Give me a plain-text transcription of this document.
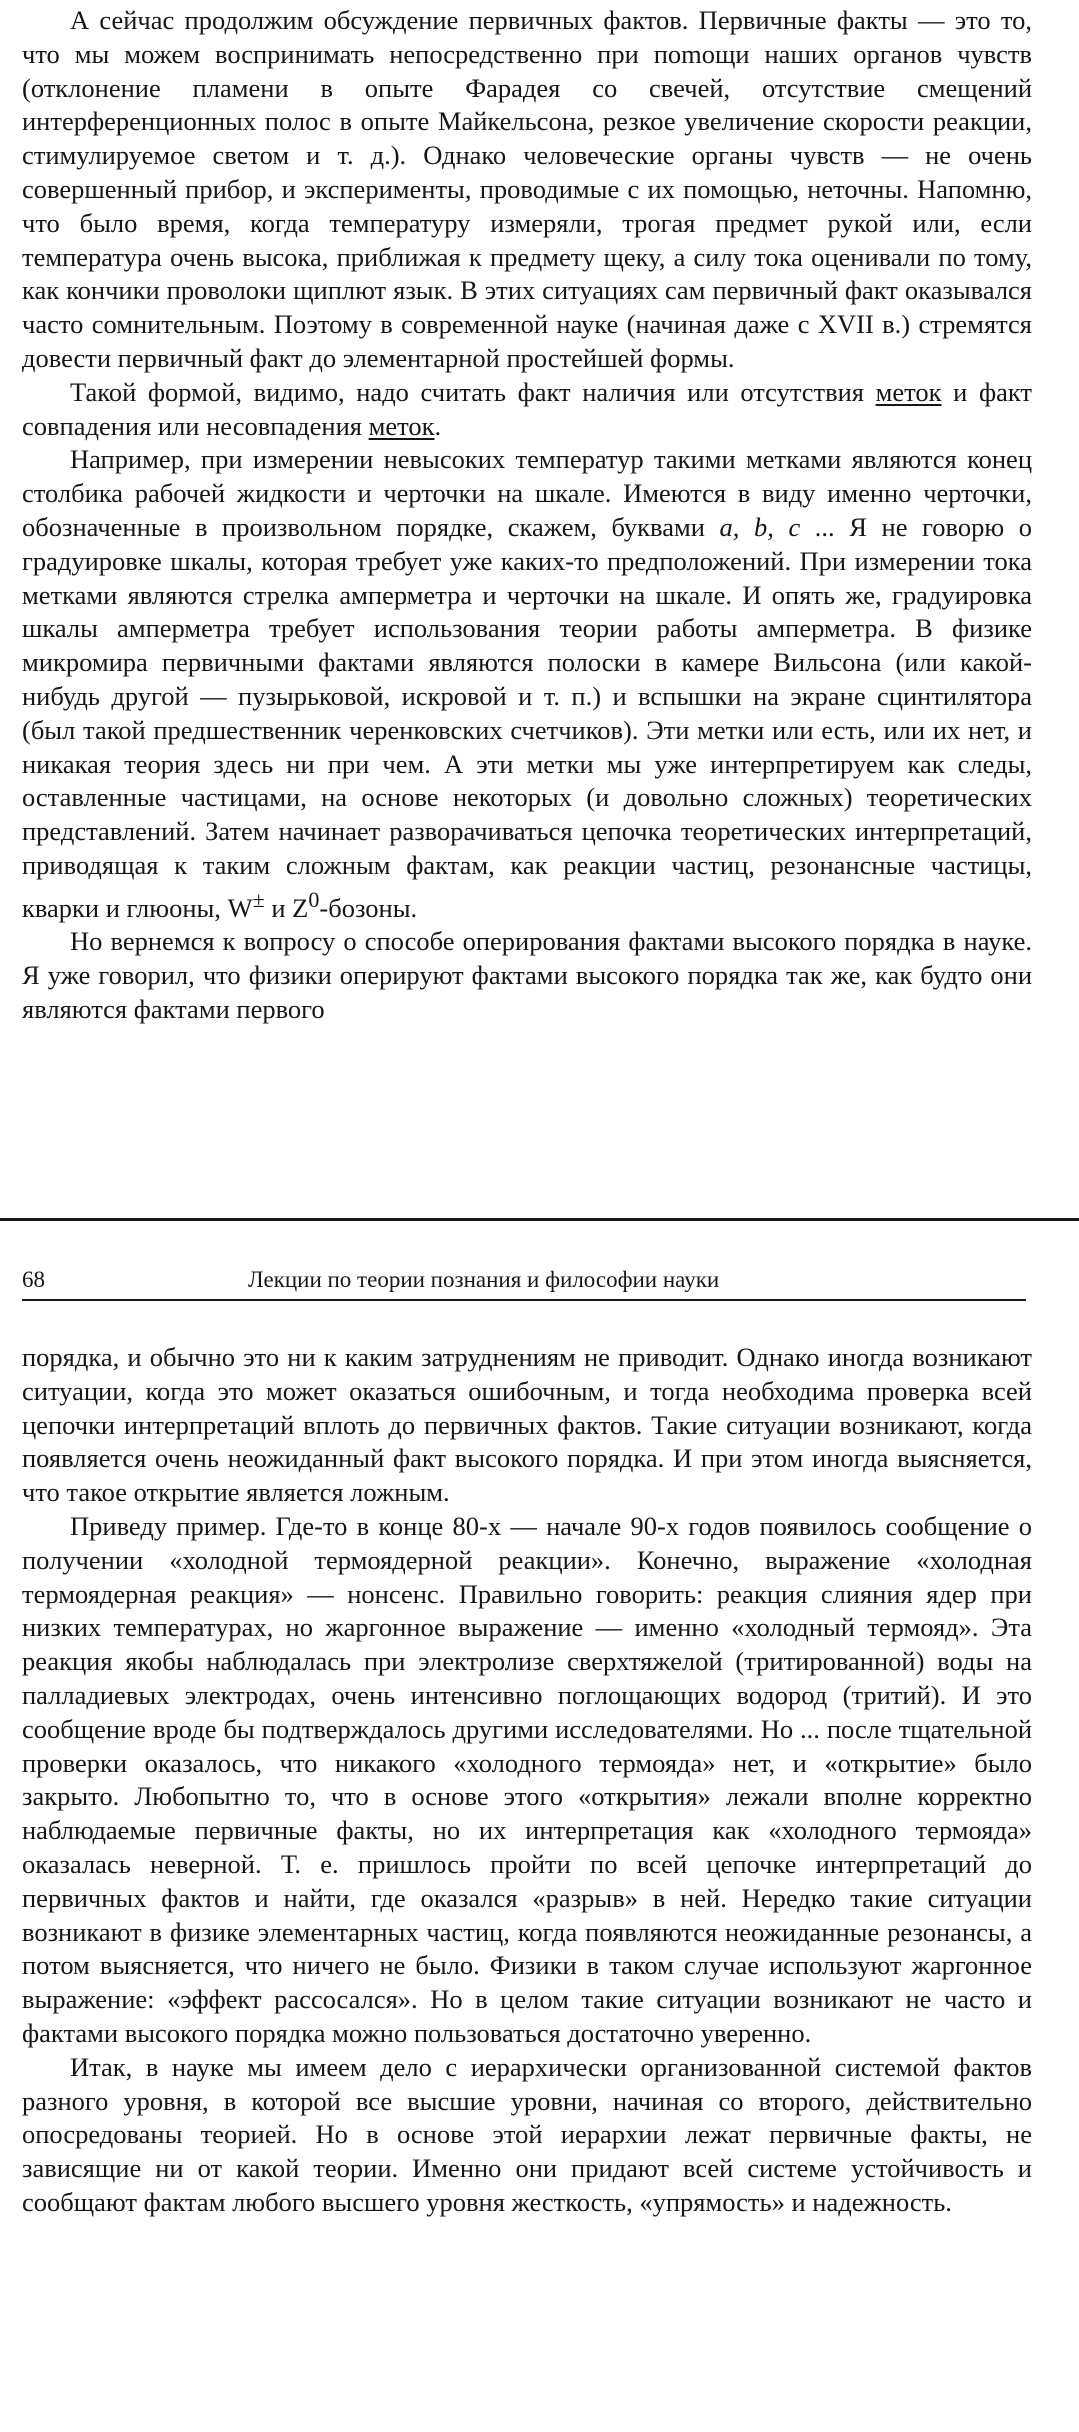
А сейчас продолжим обсуждение первичных фактов. Первичные факты — это то, что мы можем воспринимать непосредственно при поmощи наших органов чувств (отклонение пламени в опыте Фарадея со свечей, отсутствие смещений интерференционных полос в опыте Майкельсона, резкое увеличение скорости реакции, стимулируемое светом и т. д.). Однако человеческие органы чувств — не очень совершенный прибор, и эксперименты, проводимые с их помощью, неточны. Напомню, что было время, когда температуру измеряли, трогая предмет рукой или, если температура очень высока, приближая к предмету щеку, а силу тока оценивали по тому, как кончики проволоки щиплют язык. В этих ситуациях сам первичный факт оказывался часто сомнительным. Поэтому в современной науке (начиная даже с XVII в.) стремятся довести первичный факт до элементарной простейшей формы.

Такой формой, видимо, надо считать факт наличия или отсутствия меток и факт совпадения или несовпадения меток.

Например, при измерении невысоких температур такими метками являются конец столбика рабочей жидкости и черточки на шкале. Имеются в виду именно черточки, обозначенные в произвольном порядке, скажем, буквами a, b, c ... Я не говорю о градуировке шкалы, которая требует уже каких-то предположений. При измерении тока метками являются стрелка амперметра и черточки на шкале. И опять же, градуировка шкалы амперметра требует использования теории работы амперметра. В физике микромира первичными фактами являются полоски в камере Вильсона (или какой-нибудь другой — пузырьковой, искровой и т. п.) и вспышки на экране сцинтилятора (был такой предшественник черенковских счетчиков). Эти метки или есть, или их нет, и никакая теория здесь ни при чем. А эти метки мы уже интерпретируем как следы, оставленные частицами, на основе некоторых (и довольно сложных) теоретических представлений. Затем начинает разворачиваться цепочка теоретических интерпретаций, приводящая к таким сложным фактам, как реакции частиц, резонансные частицы, кварки и глюоны, W± и $Z^0$-бозоны.

Но вернемся к вопросу о способе оперирования фактами высокого порядка в науке. Я уже говорил, что физики оперируют фактами высокого порядка так же, как будто они являются фактами первого

68	Лекции по теории познания и философии науки

порядка, и обычно это ни к каким затруднениям не приводит. Однако иногда возникают ситуации, когда это может оказаться ошибочным, и тогда необходима проверка всей цепочки интерпретаций вплоть до первичных фактов. Такие ситуации возникают, когда появляется очень неожиданный факт высокого порядка. И при этом иногда выясняется, что такое открытие является ложным.

Приведу пример. Где-то в конце 80-х — начале 90-х годов появилось сообщение о получении «холодной термоядерной реакции». Конечно, выражение «холодная термоядерная реакция» — нонсенс. Правильно говорить: реакция слияния ядер при низких температурах, но жаргонное выражение — именно «холодный термояд». Эта реакция якобы наблюдалась при электролизе сверхтяжелой (тритированной) воды на палладиевых электродах, очень интенсивно поглощающих водород (тритий). И это сообщение вроде бы подтверждалось другими исследователями. Но ... после тщательной проверки оказалось, что никакого «холодного термояда» нет, и «открытие» было закрыто. Любопытно то, что в основе этого «открытия» лежали вполне корректно наблюдаемые первичные факты, но их интерпретация как «холодного термояда» оказалась неверной. Т. е. пришлось пройти по всей цепочке интерпретаций до первичных фактов и найти, где оказался «разрыв» в ней. Нередко такие ситуации возникают в физике элементарных частиц, когда появляются неожиданные резонансы, а потом выясняется, что ничего не было. Физики в таком случае используют жаргонное выражение: «эффект рассосался». Но в целом такие ситуации возникают не часто и фактами высокого порядка можно пользоваться достаточно уверенно.

Итак, в науке мы имеем дело с иерархически организованной системой фактов разного уровня, в которой все высшие уровни, начиная со второго, действительно опосредованы теорией. Но в основе этой иерархии лежат первичные факты, не зависящие ни от какой теории. Именно они придают всей системе устойчивость и сообщают фактам любого высшего уровня жесткость, «упрямость» и надежность.
